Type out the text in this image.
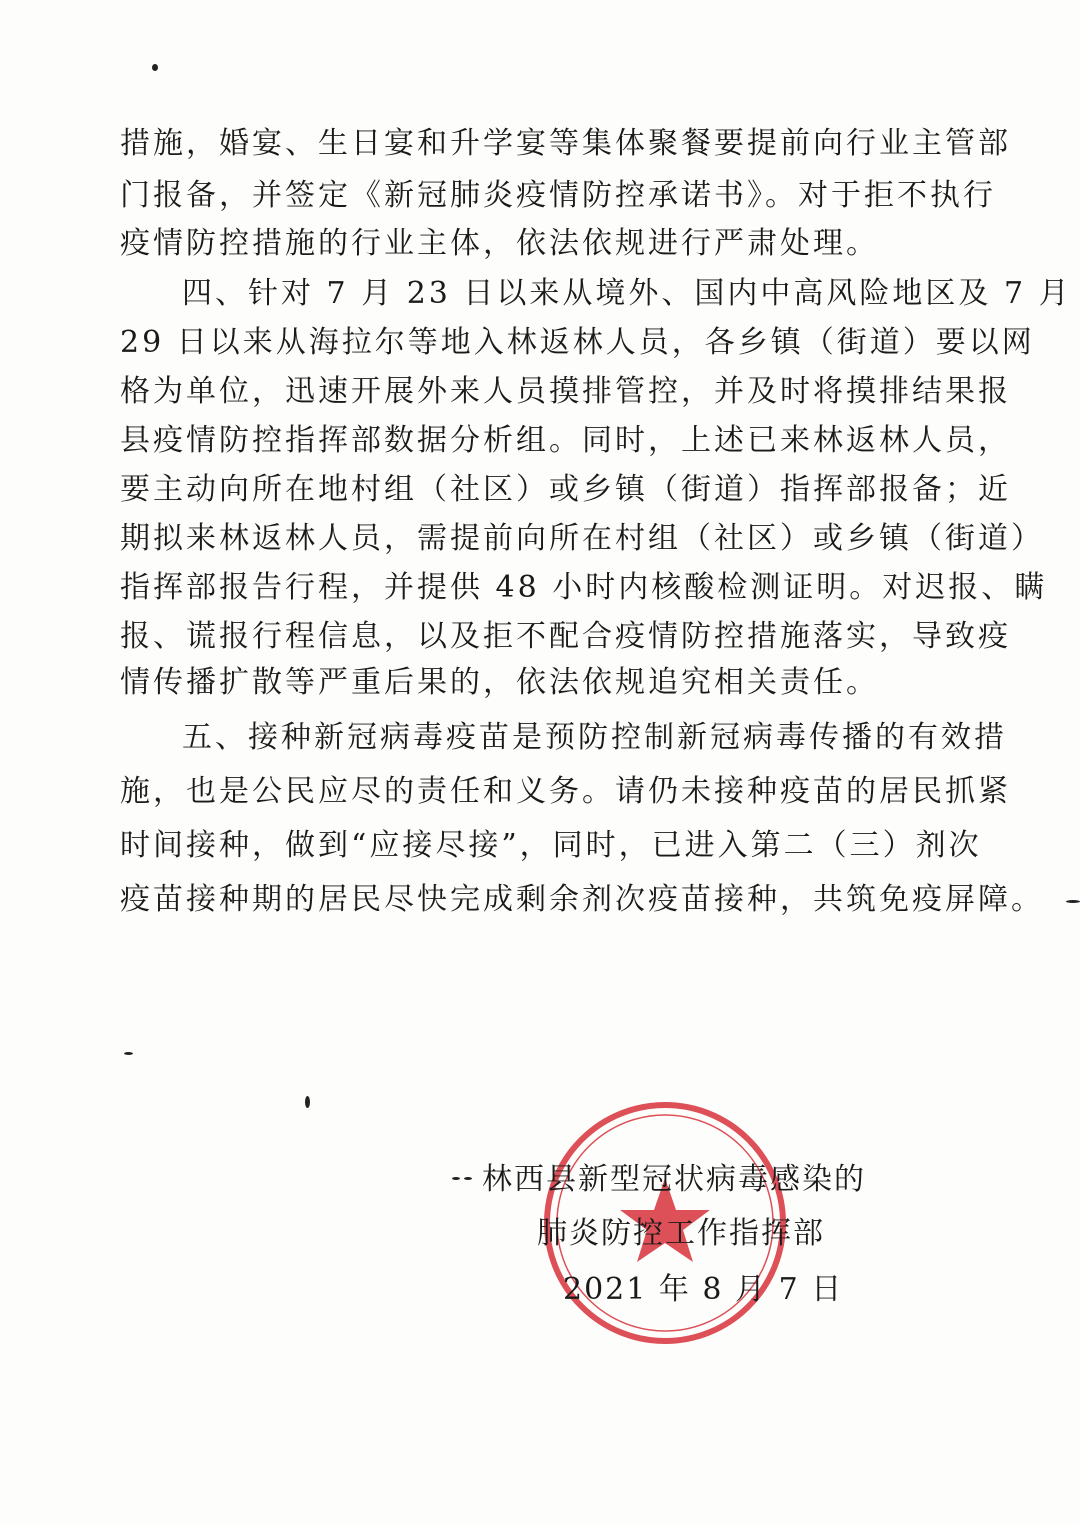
措施，婚宴、生日宴和升学宴等集体聚餐要提前向行业主管部
门报备，并签定《新冠肺炎疫情防控承诺书》。对于拒不执行
疫情防控措施的行业主体，依法依规进行严肃处理。
四、针对 7 月 23 日以来从境外、国内中高风险地区及 7 月
29 日以来从海拉尔等地入林返林人员，各乡镇（街道）要以网
格为单位，迅速开展外来人员摸排管控，并及时将摸排结果报
县疫情防控指挥部数据分析组。同时，上述已来林返林人员，
要主动向所在地村组（社区）或乡镇（街道）指挥部报备；近
期拟来林返林人员，需提前向所在村组（社区）或乡镇（街道）
指挥部报告行程，并提供 48 小时内核酸检测证明。对迟报、瞒
报、谎报行程信息，以及拒不配合疫情防控措施落实，导致疫
情传播扩散等严重后果的，依法依规追究相关责任。
五、接种新冠病毒疫苗是预防控制新冠病毒传播的有效措
施，也是公民应尽的责任和义务。请仍未接种疫苗的居民抓紧
时间接种，做到“应接尽接”，同时，已进入第二（三）剂次
疫苗接种期的居民尽快完成剩余剂次疫苗接种，共筑免疫屏障。
林西县新型冠状病毒感染的
肺炎防控工作指挥部
2021 年 8 月 7 日
